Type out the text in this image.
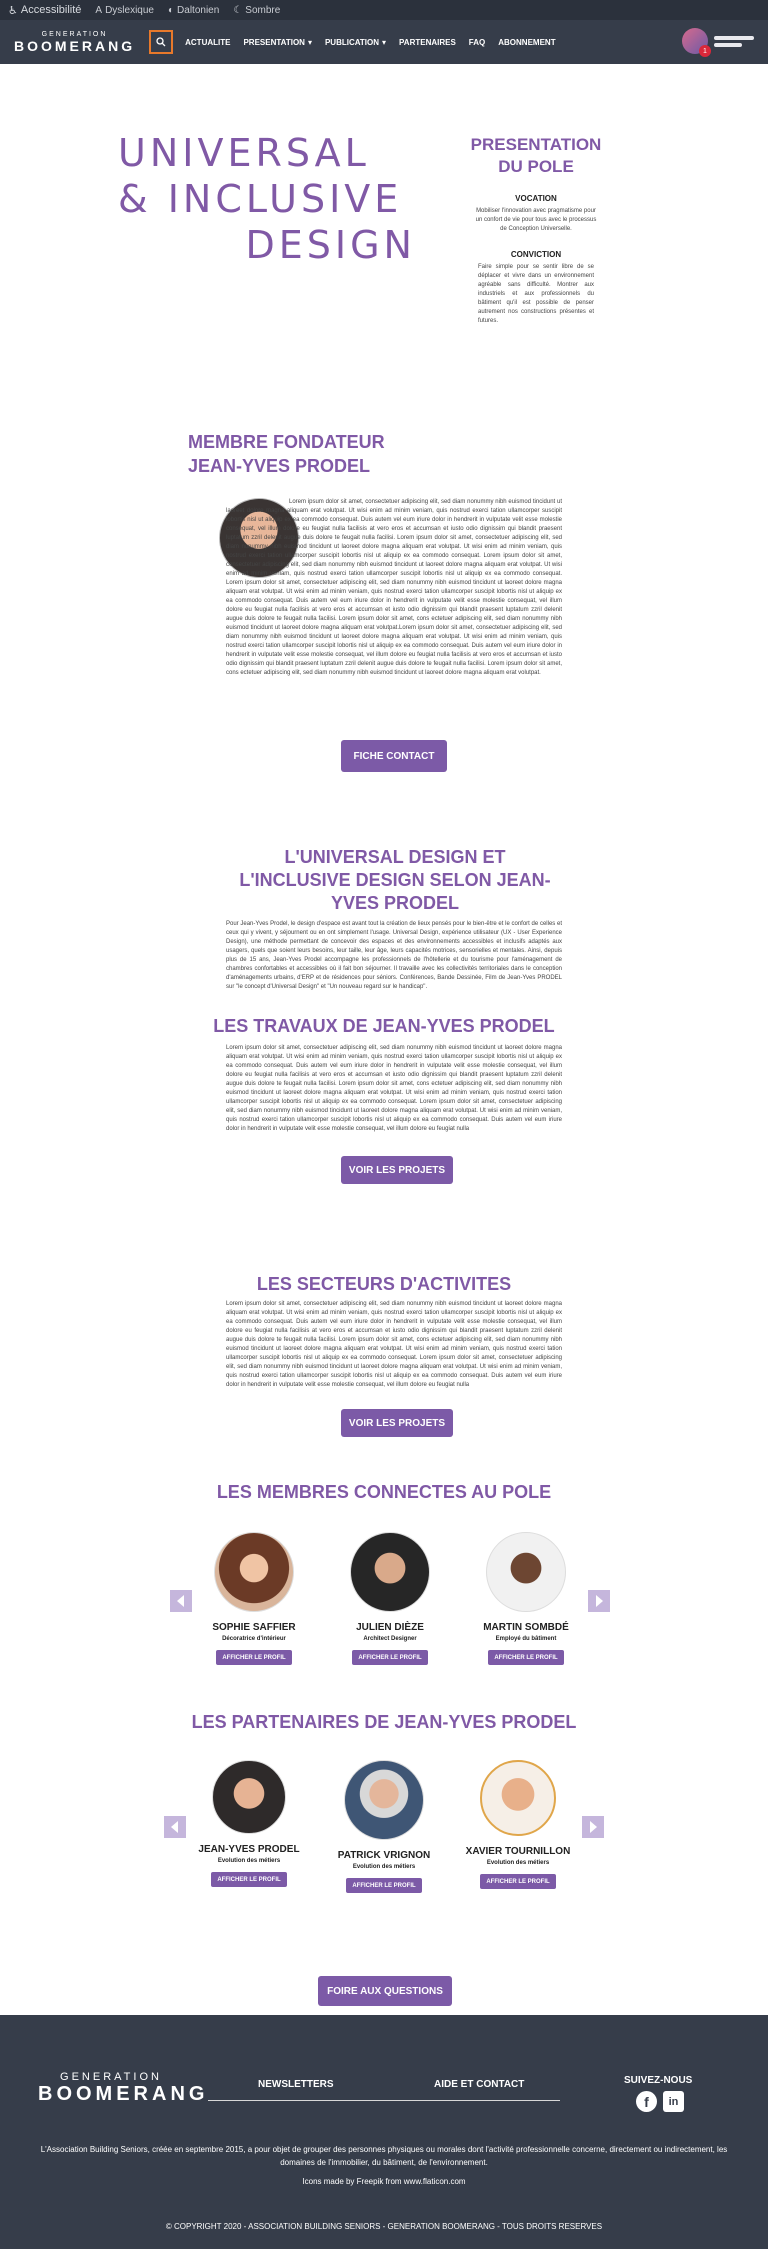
♿ Accessibilité A Dyslexique ◐ Daltonien ☾ Sombre
GENERATION
BOOMERANG	ACTUALITE PRESENTATION ▾ PUBLICATION ▾ PARTENAIRES FAQ ABONNEMENT
1
UNIVERSAL
& INCLUSIVE
DESIGN
PRESENTATION
DU POLE
VOCATION
Mobiliser l'innovation avec pragmatisme pour un confort de vie pour tous avec le processus de Conception Universelle.
CONVICTION
Faire simple pour se sentir libre de se déplacer et vivre dans un environnement agréable sans difficulté. Montrer aux industriels et aux professionnels du bâtiment qu'il est possible de penser autrement nos constructions présentes et futures.
MEMBRE FONDATEUR
JEAN-YVES PRODEL
Lorem ipsum dolor sit amet, consectetuer adipiscing elit, sed diam nonummy nibh euismod tincidunt ut laoreet dolore magna aliquam erat volutpat. Ut wisi enim ad minim veniam, quis nostrud exerci tation ullamcorper suscipit lobortis nisl ut aliquip ex ea commodo consequat. Duis autem vel eum iriure dolor in hendrerit in vulputate velit esse molestie consequat, vel illum dolore eu feugiat nulla facilisis at vero eros et accumsan et iusto odio dignissim qui blandit praesent luptatum zzril delenit augue duis dolore te feugait nulla facilisi. Lorem ipsum dolor sit amet, consectetuer adipiscing elit, sed diam nonummy nibh euismod tincidunt ut laoreet dolore magna aliquam erat volutpat. Ut wisi enim ad minim veniam, quis nostrud exerci tation ullamcorper suscipit lobortis nisl ut aliquip ex ea commodo consequat. Lorem ipsum dolor sit amet, consectetuer adipiscing elit, sed diam nonummy nibh euismod tincidunt ut laoreet dolore magna aliquam erat volutpat. Ut wisi enim ad minim veniam, quis nostrud exerci tation ullamcorper suscipit lobortis nisl ut aliquip ex ea commodo consequat. Lorem ipsum dolor sit amet, consectetuer adipiscing elit, sed diam nonummy nibh euismod tincidunt ut laoreet dolore magna aliquam erat volutpat. Ut wisi enim ad minim veniam, quis nostrud exerci tation ullamcorper suscipit lobortis nisl ut aliquip ex ea commodo consequat. Duis autem vel eum iriure dolor in hendrerit in vulputate velit esse molestie consequat, vel illum dolore eu feugiat nulla facilisis at vero eros et accumsan et iusto odio dignissim qui blandit praesent luptatum zzril delenit augue duis dolore te feugait nulla facilisi. Lorem ipsum dolor sit amet, cons ectetuer adipiscing elit, sed diam nonummy nibh euismod tincidunt ut laoreet dolore magna aliquam erat volutpat.Lorem ipsum dolor sit amet, consectetuer adipiscing elit, sed diam nonummy nibh euismod tincidunt ut laoreet dolore magna aliquam erat volutpat. Ut wisi enim ad minim veniam, quis nostrud exerci tation ullamcorper suscipit lobortis nisl ut aliquip ex ea commodo consequat. Duis autem vel eum iriure dolor in hendrerit in vulputate velit esse molestie consequat, vel illum dolore eu feugiat nulla facilisis at vero eros et accumsan et iusto odio dignissim qui blandit praesent luptatum zzril delenit augue duis dolore te feugait nulla facilisi. Lorem ipsum dolor sit amet, cons ectetuer adipiscing elit, sed diam nonummy nibh euismod tincidunt ut laoreet dolore magna aliquam erat volutpat.
FICHE CONTACT
L'UNIVERSAL DESIGN ET
L'INCLUSIVE DESIGN SELON JEAN-
YVES PRODEL
Pour Jean-Yves Prodel, le design d'espace est avant tout la création de lieux pensés pour le bien-être et le confort de celles et ceux qui y vivent, y séjournent ou en ont simplement l'usage. Universal Design, expérience utilisateur (UX - User Experience Design), une méthode permettant de concevoir des espaces et des environnements accessibles et inclusifs adaptés aux usagers, quels que soient leurs besoins, leur taille, leur âge, leurs capacités motrices, sensorielles et mentales. Ainsi, depuis plus de 15 ans, Jean-Yves Prodel accompagne les professionnels de l'hôtellerie et du tourisme pour l'aménagement de chambres confortables et accessibles où il fait bon séjourner. Il travaille avec les collectivités territoriales dans le conception d'aménagements urbains, d'ERP et de résidences pour séniors. Conférences, Bande Dessinée, Film de Jean-Yves PRODEL sur "le concept d'Universal Design" et "Un nouveau regard sur le handicap".
LES TRAVAUX DE JEAN-YVES PRODEL
Lorem ipsum dolor sit amet, consectetuer adipiscing elit, sed diam nonummy nibh euismod tincidunt ut laoreet dolore magna aliquam erat volutpat. Ut wisi enim ad minim veniam, quis nostrud exerci tation ullamcorper suscipit lobortis nisl ut aliquip ex ea commodo consequat. Duis autem vel eum iriure dolor in hendrerit in vulputate velit esse molestie consequat, vel illum dolore eu feugiat nulla facilisis at vero eros et accumsan et iusto odio dignissim qui blandit praesent luptatum zzril delenit augue duis dolore te feugait nulla facilisi. Lorem ipsum dolor sit amet, cons ectetuer adipiscing elit, sed diam nonummy nibh euismod tincidunt ut laoreet dolore magna aliquam erat volutpat. Ut wisi enim ad minim veniam, quis nostrud exerci tation ullamcorper suscipit lobortis nisl ut aliquip ex ea commodo consequat. Lorem ipsum dolor sit amet, consectetuer adipiscing elit, sed diam nonummy nibh euismod tincidunt ut laoreet dolore magna aliquam erat volutpat. Ut wisi enim ad minim veniam, quis nostrud exerci tation ullamcorper suscipit lobortis nisl ut aliquip ex ea commodo consequat. Duis autem vel eum iriure dolor in hendrerit in vulputate velit esse molestie consequat, vel illum dolore eu feugiat nulla
VOIR LES PROJETS
LES SECTEURS D'ACTIVITES
Lorem ipsum dolor sit amet, consectetuer adipiscing elit, sed diam nonummy nibh euismod tincidunt ut laoreet dolore magna aliquam erat volutpat. Ut wisi enim ad minim veniam, quis nostrud exerci tation ullamcorper suscipit lobortis nisl ut aliquip ex ea commodo consequat. Duis autem vel eum iriure dolor in hendrerit in vulputate velit esse molestie consequat, vel illum dolore eu feugiat nulla facilisis at vero eros et accumsan et iusto odio dignissim qui blandit praesent luptatum zzril delenit augue duis dolore te feugait nulla facilisi. Lorem ipsum dolor sit amet, cons ectetuer adipiscing elit, sed diam nonummy nibh euismod tincidunt ut laoreet dolore magna aliquam erat volutpat. Ut wisi enim ad minim veniam, quis nostrud exerci tation ullamcorper suscipit lobortis nisl ut aliquip ex ea commodo consequat. Lorem ipsum dolor sit amet, consectetuer adipiscing elit, sed diam nonummy nibh euismod tincidunt ut laoreet dolore magna aliquam erat volutpat. Ut wisi enim ad minim veniam, quis nostrud exerci tation ullamcorper suscipit lobortis nisl ut aliquip ex ea commodo consequat. Duis autem vel eum iriure dolor in hendrerit in vulputate velit esse molestie consequat, vel illum dolore eu feugiat nulla
VOIR LES PROJETS
LES MEMBRES CONNECTES AU POLE
SOPHIE SAFFIER
Décoratrice d'intérieur
AFFICHER LE PROFIL
JULIEN DIÈZE
Architect Designer
AFFICHER LE PROFIL
MARTIN SOMBDÉ
Employé du bâtiment
AFFICHER LE PROFIL
LES PARTENAIRES DE JEAN-YVES PRODEL
JEAN-YVES PRODEL
Evolution des métiers
AFFICHER LE PROFIL
PATRICK VRIGNON
Evolution des métiers
AFFICHER LE PROFIL
XAVIER TOURNILLON
Evolution des métiers
AFFICHER LE PROFIL
FOIRE AUX QUESTIONS
GENERATION
BOOMERANG	NEWSLETTERS	AIDE ET CONTACT	SUIVEZ-NOUS
f	in
L'Association Building Seniors, créée en septembre 2015, a pour objet de grouper des personnes physiques ou morales dont l'activité professionnelle concerne, directement ou indirectement, les domaines de l'immobilier, du bâtiment, de l'environnement.
Icons made by Freepik from www.flaticon.com
© COPYRIGHT 2020 - ASSOCIATION BUILDING SENIORS - GENERATION BOOMERANG - TOUS DROITS RESERVES
